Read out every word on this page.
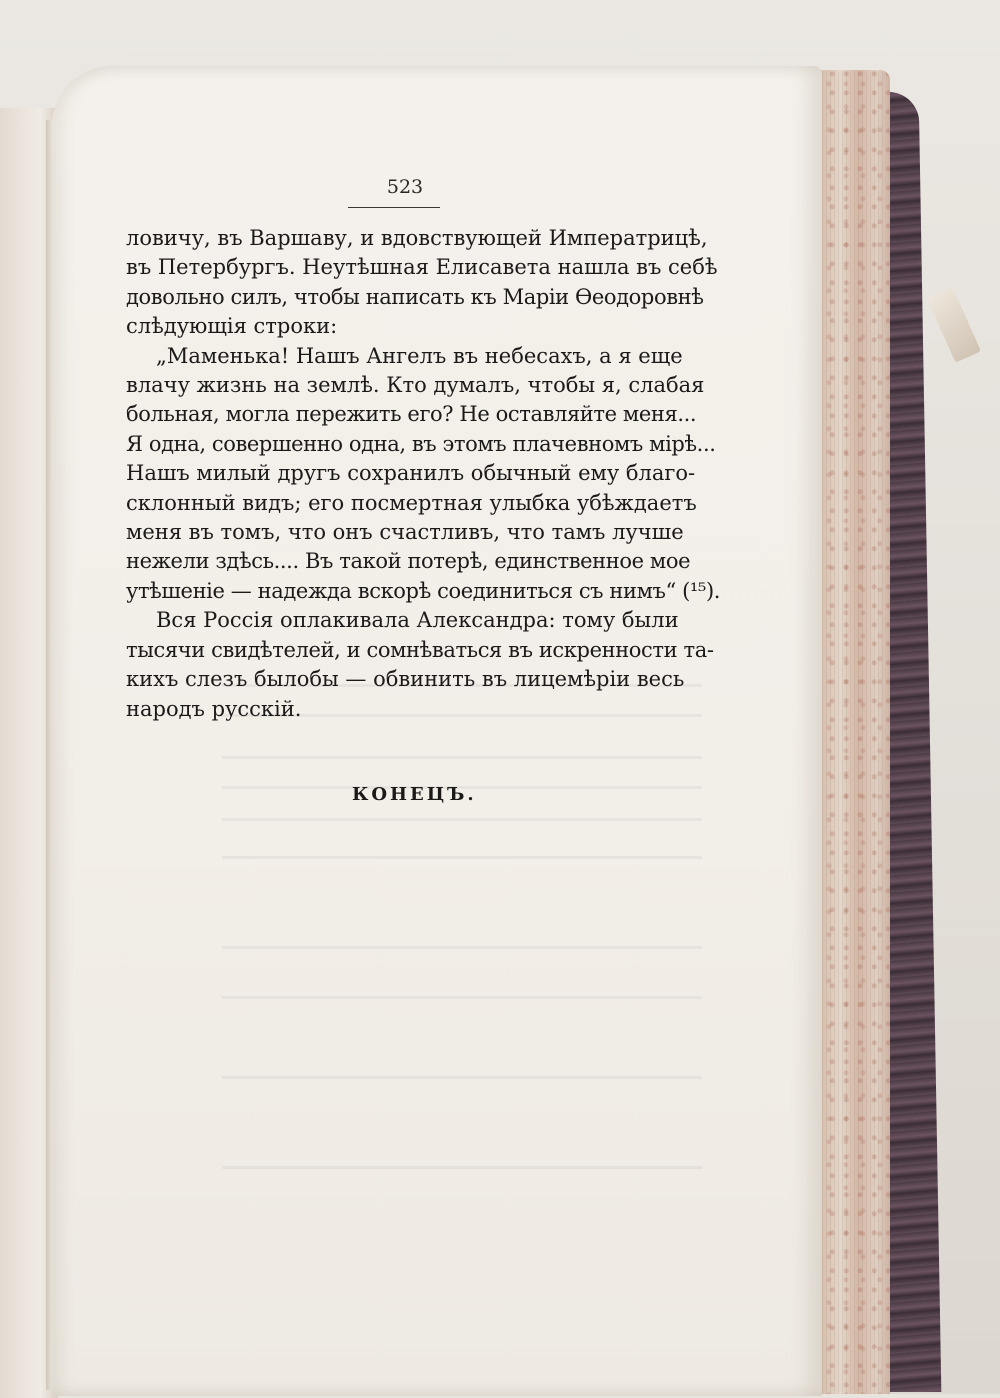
523
ловичу, въ Варшаву, и вдовствующей Императрицѣ,
въ Петербургъ. Неутѣшная Елисавета нашла въ себѣ
довольно силъ, чтобы написать къ Маріи Ѳеодоровнѣ
слѣдующія строки:
„Маменька! Нашъ Ангелъ въ небесахъ, а я еще
влачу жизнь на землѣ. Кто думалъ, чтобы я, слабая
больная, могла пережить его? Не оставляйте меня...
Я одна, совершенно одна, въ этомъ плачевномъ мірѣ...
Нашъ милый другъ сохранилъ обычный ему благо-
склонный видъ; его посмертная улыбка убѣждаетъ
меня въ томъ, что онъ счастливъ, что тамъ лучше
нежели здѣсь.... Въ такой потерѣ, единственное мое
утѣшеніе — надежда вскорѣ соединиться съ нимъ“ (¹⁵).
Вся Россія оплакивала Александра: тому были
тысячи свидѣтелей, и сомнѣваться въ искренности та-
кихъ слезъ былобы — обвинить въ лицемѣріи весь
народъ русскій.
КОНЕЦЪ.
